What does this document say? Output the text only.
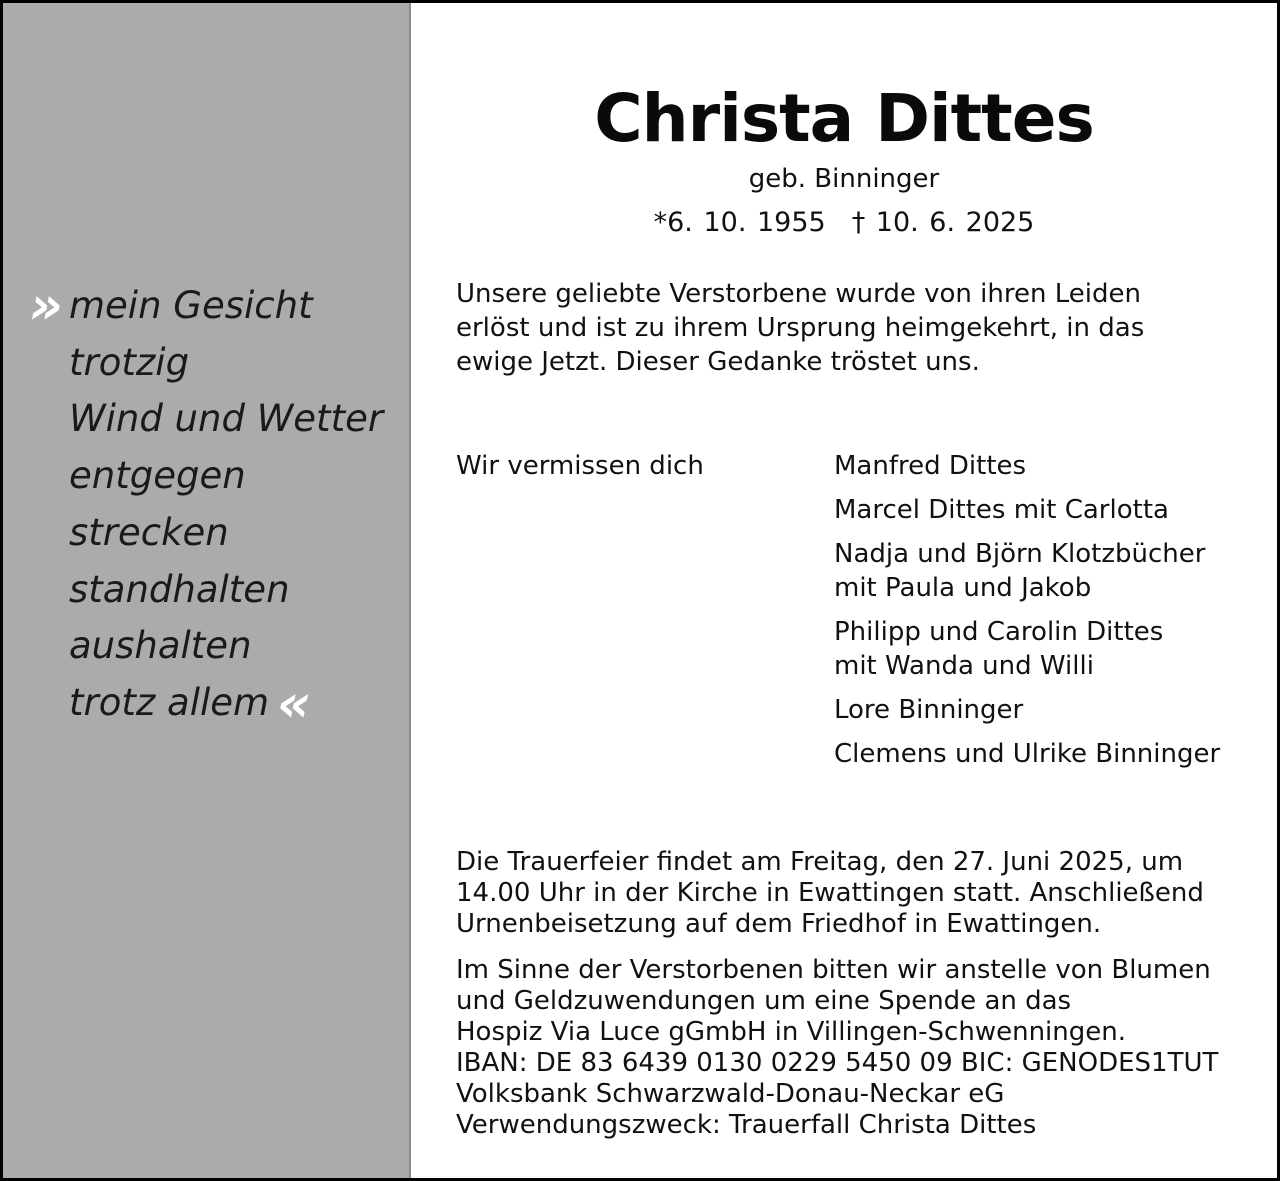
» mein Gesicht
trotzig
Wind und Wetter
entgegen
strecken
standhalten
aushalten
trotz allem «
Christa Dittes
geb. Binninger
*6. 10. 1955 † 10. 6. 2025
Unsere geliebte Verstorbene wurde von ihren Leiden
erlöst und ist zu ihrem Ursprung heimgekehrt, in das
ewige Jetzt. Dieser Gedanke tröstet uns.
Wir vermissen dich	Manfred Dittes
Marcel Dittes mit Carlotta
Nadja und Björn Klotzbücher
mit Paula und Jakob
Philipp und Carolin Dittes
mit Wanda und Willi
Lore Binninger
Clemens und Ulrike Binninger
Die Trauerfeier findet am Freitag, den 27. Juni 2025, um
14.00 Uhr in der Kirche in Ewattingen statt. Anschließend
Urnenbeisetzung auf dem Friedhof in Ewattingen.
Im Sinne der Verstorbenen bitten wir anstelle von Blumen
und Geldzuwendungen um eine Spende an das
Hospiz Via Luce gGmbH in Villingen-Schwenningen.
IBAN: DE 83 6439 0130 0229 5450 09 BIC: GENODES1TUT
Volksbank Schwarzwald-Donau-Neckar eG
Verwendungszweck: Trauerfall Christa Dittes
